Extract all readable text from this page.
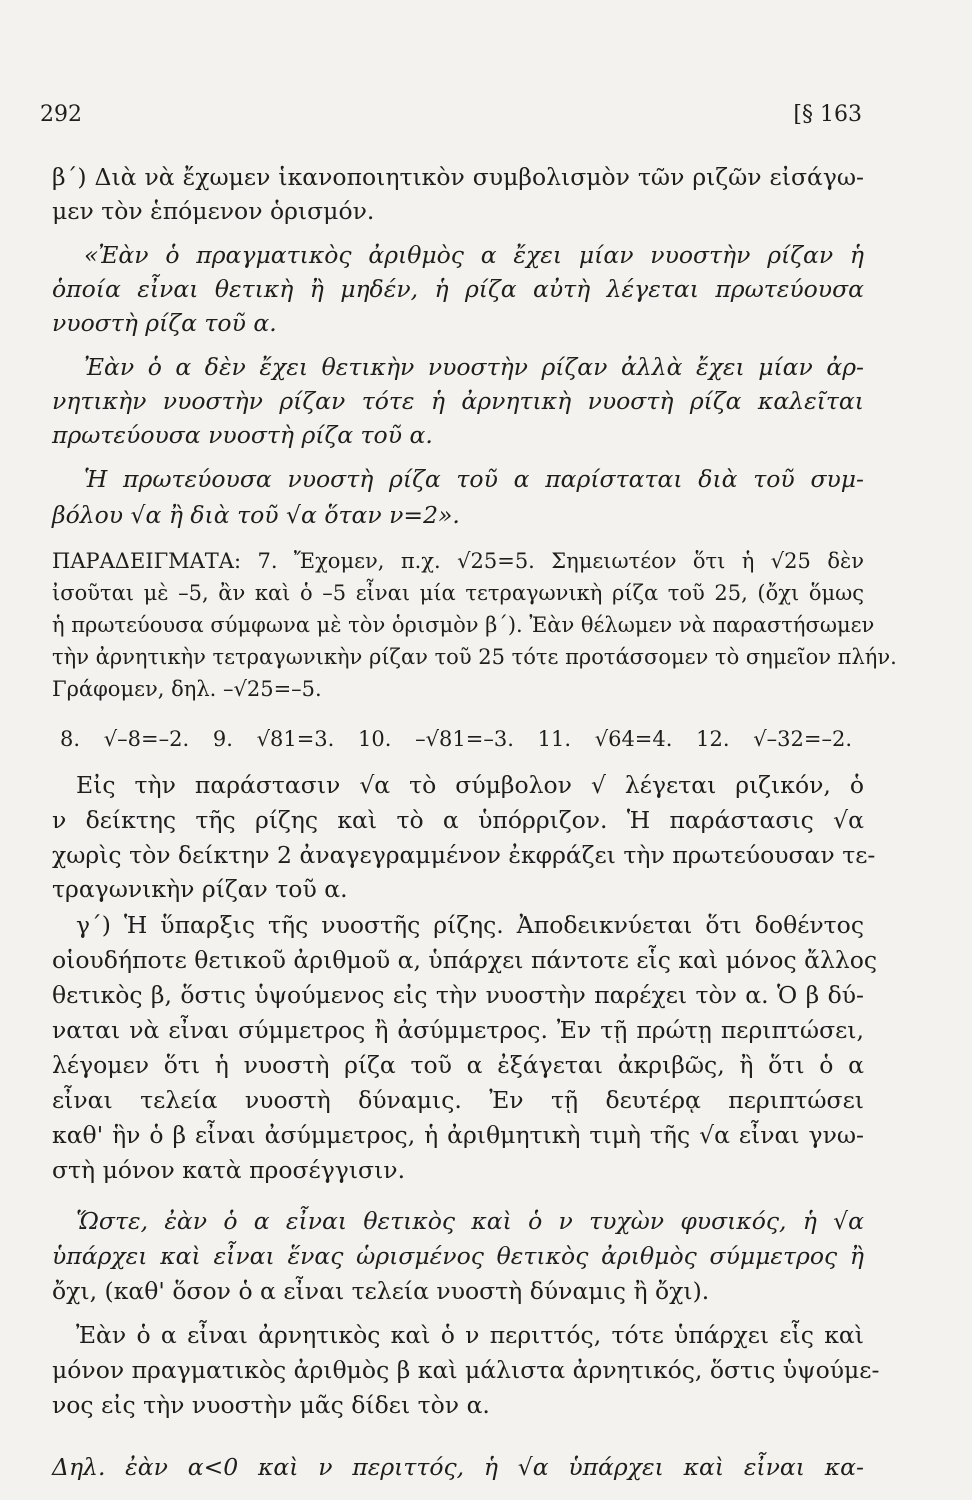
292	[§ 163
β΄) Διὰ νὰ ἔχωμεν ἱκανοποιητικὸν συμβολισμὸν τῶν ριζῶν εἰσάγω-
μεν τὸν ἑπόμενον ὁρισμόν.
«Ἐὰν ὁ πραγματικὸς ἀριθμὸς α ἔχει μίαν νυοστὴν ρίζαν ἡ
ὁποία εἶναι θετικὴ ἢ μηδέν, ἡ ρίζα αὐτὴ λέγεται πρωτεύουσα
νυοστὴ ρίζα τοῦ α.
Ἐὰν ὁ α δὲν ἔχει θετικὴν νυοστὴν ρίζαν ἀλλὰ ἔχει μίαν ἀρ-
νητικὴν νυοστὴν ρίζαν τότε ἡ ἀρνητικὴ νυοστὴ ρίζα καλεῖται
πρωτεύουσα νυοστὴ ρίζα τοῦ α.
Ἡ πρωτεύουσα νυοστὴ ρίζα τοῦ α παρίσταται διὰ τοῦ συμ-
βόλου √α ἢ διὰ τοῦ √α ὅταν ν=2».
ΠΑΡΑΔΕΙΓΜΑΤΑ: 7. Ἔχομεν, π.χ. √25=5. Σημειωτέον ὅτι ἡ √25 δὲν
ἰσοῦται μὲ –5, ἂν καὶ ὁ –5 εἶναι μία τετραγωνικὴ ρίζα τοῦ 25, (ὄχι ὅμως
ἡ πρωτεύουσα σύμφωνα μὲ τὸν ὁρισμὸν β΄). Ἐὰν θέλωμεν νὰ παραστήσωμεν
τὴν ἀρνητικὴν τετραγωνικὴν ρίζαν τοῦ 25 τότε προτάσσομεν τὸ σημεῖον πλήν.
Γράφομεν, δηλ. –√25=–5.
8. √–8=–2. 9. √81=3. 10. –√81=–3. 11. √64=4. 12. √–32=–2.
Εἰς τὴν παράστασιν √α τὸ σύμβολον √ λέγεται ριζικόν, ὁ
ν δείκτης τῆς ρίζης καὶ τὸ α ὑπόρριζον. Ἡ παράστασις √α
χωρὶς τὸν δείκτην 2 ἀναγεγραμμένον ἐκφράζει τὴν πρωτεύουσαν τε-
τραγωνικὴν ρίζαν τοῦ α.
γ΄) Ἡ ὕπαρξις τῆς νυοστῆς ρίζης. Ἀποδεικνύεται ὅτι δοθέντος
οἱουδήποτε θετικοῦ ἀριθμοῦ α, ὑπάρχει πάντοτε εἷς καὶ μόνος ἄλλος
θετικὸς β, ὅστις ὑψούμενος εἰς τὴν νυοστὴν παρέχει τὸν α. Ὁ β δύ-
ναται νὰ εἶναι σύμμετρος ἢ ἀσύμμετρος. Ἐν τῇ πρώτῃ περιπτώσει,
λέγομεν ὅτι ἡ νυοστὴ ρίζα τοῦ α ἐξάγεται ἀκριβῶς, ἢ ὅτι ὁ α
εἶναι τελεία νυοστὴ δύναμις. Ἐν τῇ δευτέρᾳ περιπτώσει
καθ' ἣν ὁ β εἶναι ἀσύμμετρος, ἡ ἀριθμητικὴ τιμὴ τῆς √α εἶναι γνω-
στὴ μόνον κατὰ προσέγγισιν.
Ὥστε, ἐὰν ὁ α εἶναι θετικὸς καὶ ὁ ν τυχὼν φυσικός, ἡ √α
ὑπάρχει καὶ εἶναι ἕνας ὡρισμένος θετικὸς ἀριθμὸς σύμμετρος ἢ
ὄχι, (καθ' ὅσον ὁ α εἶναι τελεία νυοστὴ δύναμις ἢ ὄχι).
Ἐὰν ὁ α εἶναι ἀρνητικὸς καὶ ὁ ν περιττός, τότε ὑπάρχει εἷς καὶ
μόνον πραγματικὸς ἀριθμὸς β καὶ μάλιστα ἀρνητικός, ὅστις ὑψούμε-
νος εἰς τὴν νυοστὴν μᾶς δίδει τὸν α.
Δηλ. ἐὰν α<0 καὶ ν περιττός, ἡ √α ὑπάρχει καὶ εἶναι κα-
